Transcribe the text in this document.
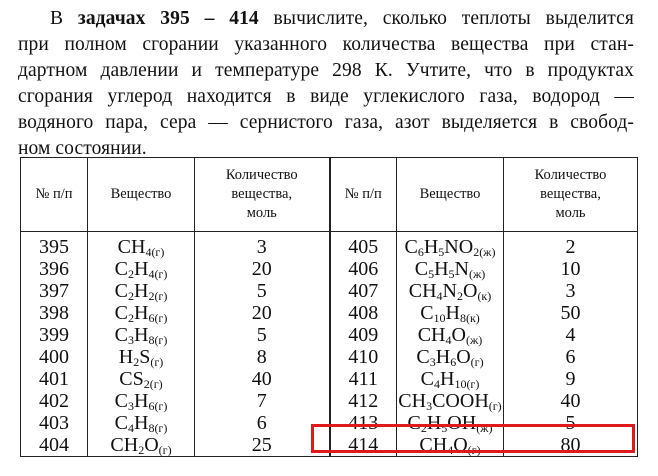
В задачах 395 – 414 вычислите, сколько теплоты выделится
при полном сгорании указанного количества вещества при стан-
дартном давлении и температуре 298 К. Учтите, что в продуктах
сгорания углерод находится в виде углекислого газа, водород —
водяного пара, сера — сернистого газа, азот выделяется в свобод-
ном состоянии.
№ п/п	Вещество	Количество
вещества,
моль	№ п/п	Вещество	Количество
вещества,
моль
395	$CH_{4(г)}$	3	405	$C_6H_5NO_{2(ж)}$	2
396	$C_2H_{4(г)}$	20	406	$C_5H_5N_{(ж)}$	10
397	$C_2H_{2(г)}$	5	407	$CH_4N_2O_{(к)}$	3
398	$C_2H_{6(г)}$	20	408	$C_{10}H_{8(к)}$	50
399	$C_3H_{8(г)}$	5	409	$CH_4O_{(ж)}$	4
400	$H_2S_{(г)}$	8	410	$C_3H_6O_{(г)}$	6
401	$CS_{2(г)}$	40	411	$C_4H_{10(г)}$	9
402	$C_3H_{6(г)}$	7	412	$CH_3COOH_{(г)}$	40
403	$C_4H_{8(г)}$	6	413	$C_2H_5OH_{(ж)}$	5
404	$CH_2O_{(г)}$	25	414	$CH_4O_{(г)}$	80
